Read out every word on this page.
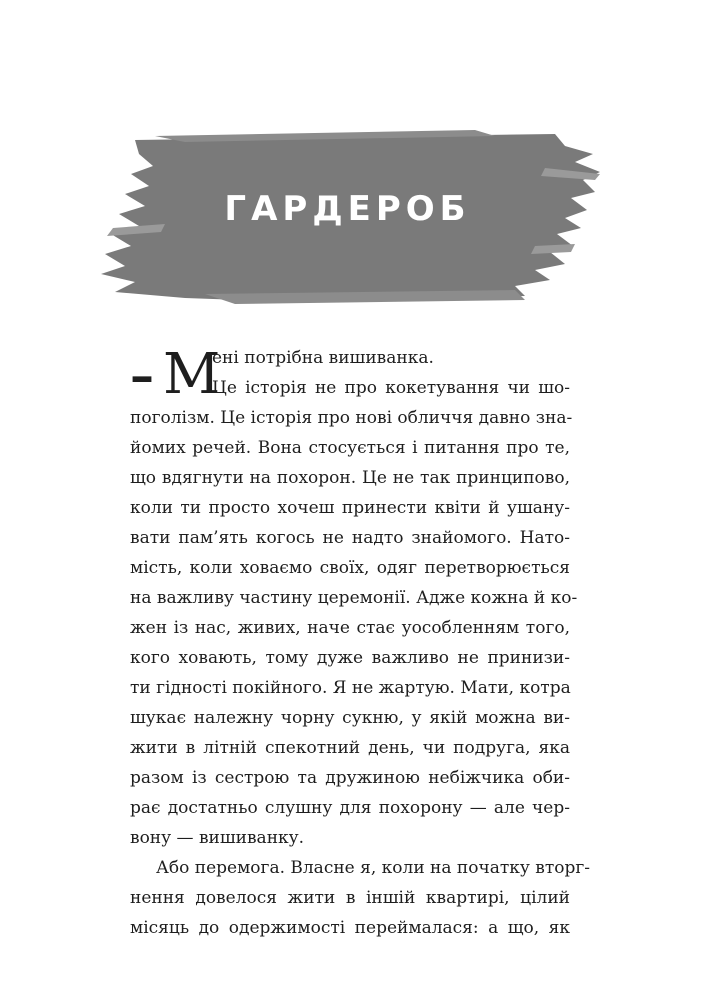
ГАРДЕРОБ
– М
ені потрібна вишиванка.
Це історія не про кокетування чи шо-
поголізм. Це історія про нові обличчя давно зна-
йомих речей. Вона стосується і питання про те,
що вдягнути на похорон. Це не так принципово,
коли ти просто хочеш принести квіти й ушану-
вати пам’ять когось не надто знайомого. Нато-
мість, коли ховаємо своїх, одяг перетворюється
на важливу частину церемонії. Адже кожна й ко-
жен із нас, живих, наче стає уособленням того,
кого ховають, тому дуже важливо не принизи-
ти гідності покійного. Я не жартую. Мати, котра
шукає належну чорну сукню, у якій можна ви-
жити в літній спекотний день, чи подруга, яка
разом із сестрою та дружиною небіжчика оби-
рає достатньо слушну для похорону — але чер-
вону — вишиванку.
Або перемога. Власне я, коли на початку вторг-
нення довелося жити в іншій квартирі, цілий
місяць до одержимості переймалася: а що, як
